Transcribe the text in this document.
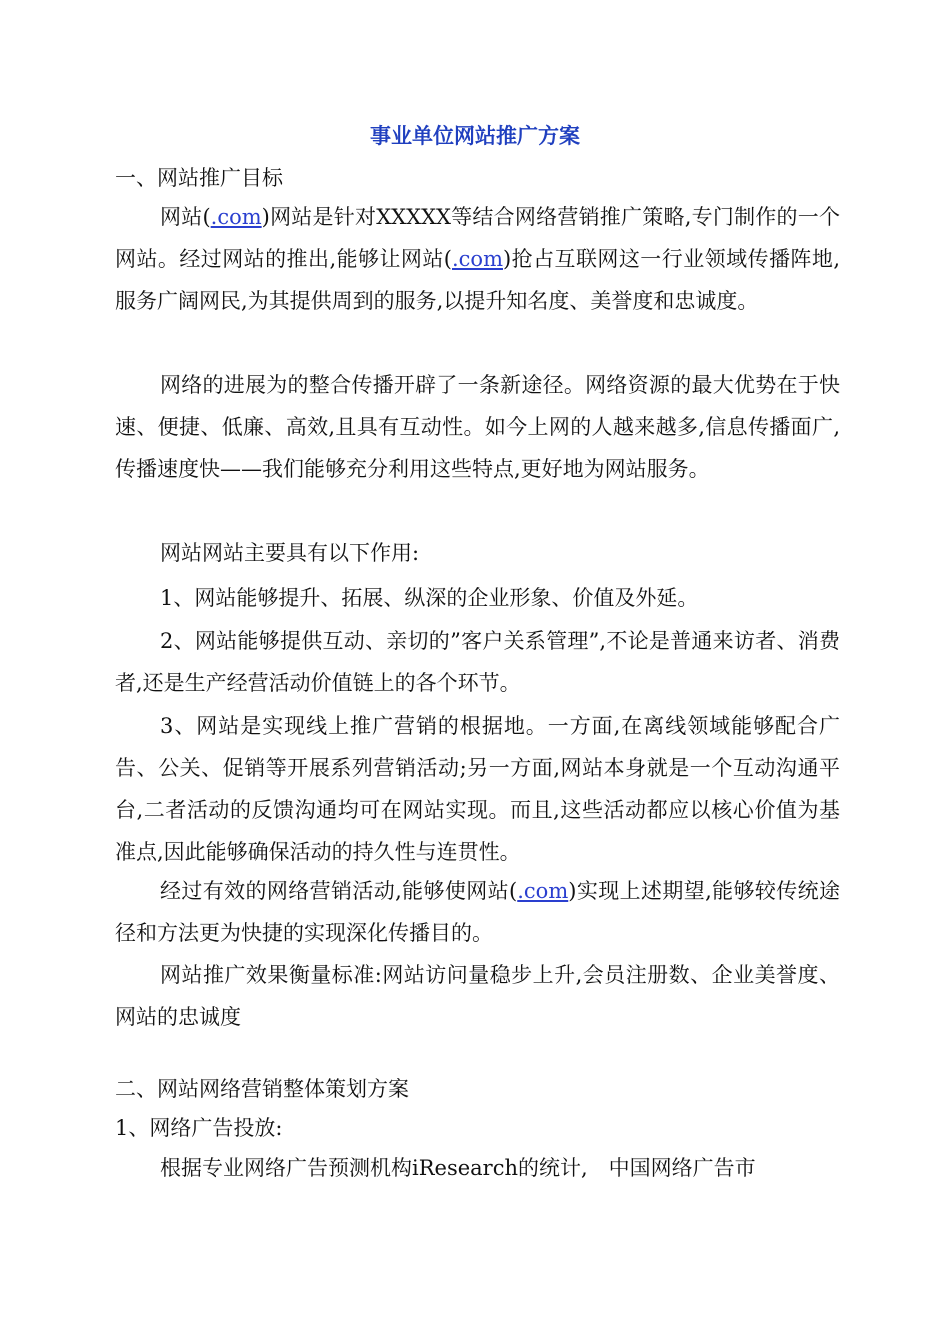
事业单位网站推广方案
一、网站推广目标
网站(.com)网站是针对XXXXX等结合网络营销推广策略,专门制作的一个网站。经过网站的推出,能够让网站(.com)抢占互联网这一行业领域传播阵地,服务广阔网民,为其提供周到的服务,以提升知名度、美誉度和忠诚度。
网络的进展为的整合传播开辟了一条新途径。网络资源的最大优势在于快速、便捷、低廉、高效,且具有互动性。如今上网的人越来越多,信息传播面广,传播速度快——我们能够充分利用这些特点,更好地为网站服务。
网站网站主要具有以下作用:
1、网站能够提升、拓展、纵深的企业形象、价值及外延。
2、网站能够提供互动、亲切的”客户关系管理”,不论是普通来访者、消费者,还是生产经营活动价值链上的各个环节。
3、网站是实现线上推广营销的根据地。一方面,在离线领域能够配合广告、公关、促销等开展系列营销活动;另一方面,网站本身就是一个互动沟通平台,二者活动的反馈沟通均可在网站实现。而且,这些活动都应以核心价值为基准点,因此能够确保活动的持久性与连贯性。
经过有效的网络营销活动,能够使网站(.com)实现上述期望,能够较传统途径和方法更为快捷的实现深化传播目的。
网站推广效果衡量标准:网站访问量稳步上升,会员注册数、企业美誉度、网站的忠诚度
二、网站网络营销整体策划方案
1、网络广告投放:
根据专业网络广告预测机构iResearch的统计,　中国网络广告市
